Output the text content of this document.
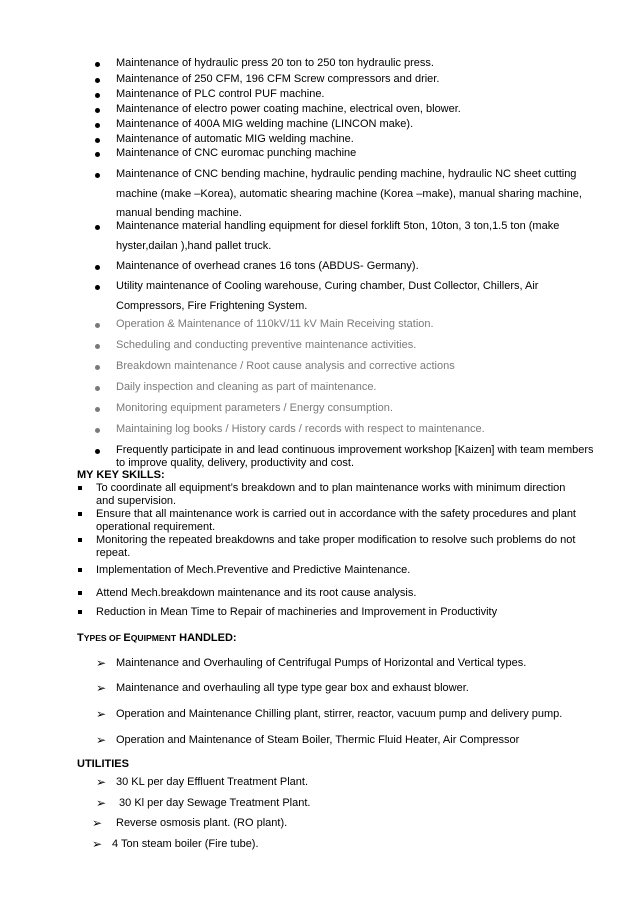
Maintenance of hydraulic press 20 ton to 250 ton hydraulic press.
Maintenance of 250 CFM, 196 CFM Screw compressors and drier.
Maintenance of PLC control PUF machine.
Maintenance of electro power coating machine, electrical oven, blower.
Maintenance of 400A MIG welding machine (LINCON make).
Maintenance of automatic MIG welding machine.
Maintenance of CNC euromac punching machine
Maintenance of CNC bending machine, hydraulic pending machine, hydraulic NC sheet cutting machine (make –Korea), automatic shearing machine (Korea –make), manual sharing machine, manual bending machine.
Maintenance material handling equipment for diesel forklift 5ton, 10ton, 3 ton,1.5 ton (make hyster,dailan ),hand pallet truck.
Maintenance of overhead cranes 16 tons (ABDUS- Germany).
Utility maintenance of Cooling warehouse, Curing chamber, Dust Collector, Chillers, Air Compressors, Fire Frightening System.
Operation & Maintenance of 110kV/11 kV Main Receiving station.
Scheduling and conducting preventive maintenance activities.
Breakdown maintenance / Root cause analysis and corrective actions
Daily inspection and cleaning as part of maintenance.
Monitoring equipment parameters / Energy consumption.
Maintaining log books / History cards / records with respect to maintenance.
Frequently participate in and lead continuous improvement workshop [Kaizen] with team members to improve quality, delivery, productivity and cost.
MY KEY SKILLS:
To coordinate all equipment’s breakdown and to plan maintenance works with minimum direction and supervision.
Ensure that all maintenance work is carried out in accordance with the safety procedures and plant operational requirement.
Monitoring the repeated breakdowns and take proper modification to resolve such problems do not repeat.
Implementation of Mech.Preventive and Predictive Maintenance.
Attend Mech.breakdown maintenance and its root cause analysis.
Reduction in Mean Time to Repair of machineries and Improvement in Productivity
TYPES OF EQUIPMENT HANDLED:
➢ Maintenance and Overhauling of Centrifugal Pumps of Horizontal and Vertical types.
➢ Maintenance and overhauling all type type gear box and exhaust blower.
➢ Operation and Maintenance Chilling plant, stirrer, reactor, vacuum pump and delivery pump.
➢ Operation and Maintenance of Steam Boiler, Thermic Fluid Heater, Air Compressor
UTILITIES
➢ 30 KL per day Effluent Treatment Plant.
➢ 30 Kl per day Sewage Treatment Plant.
➢ Reverse osmosis plant. (RO plant).
➢ 4 Ton steam boiler (Fire tube).
